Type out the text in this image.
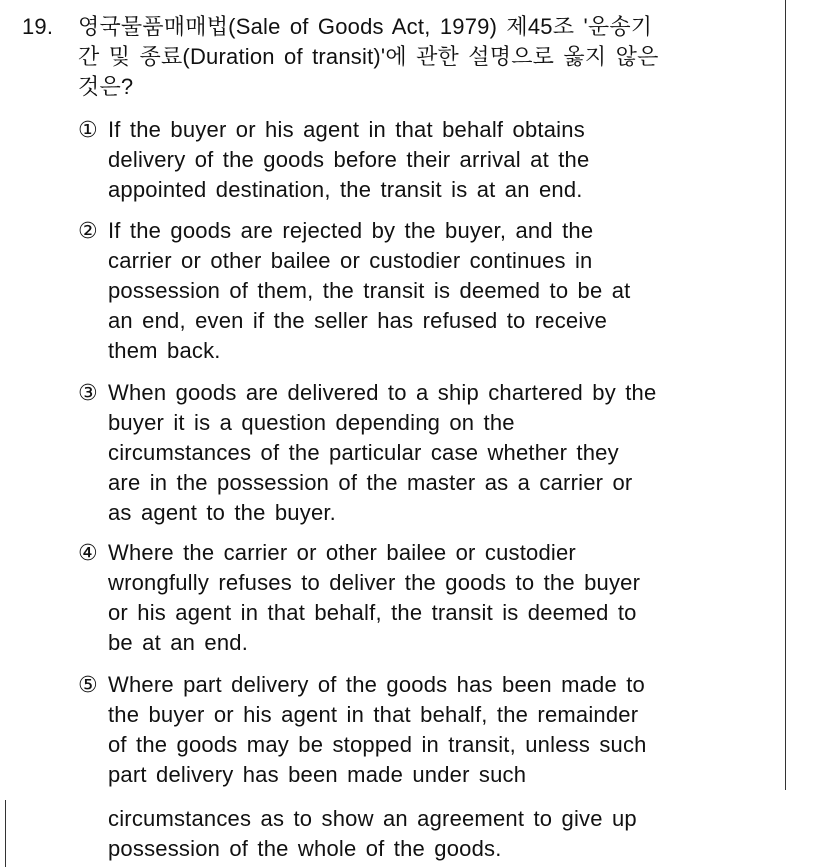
19. 영국물품매매법(Sale of Goods Act, 1979) 제45조 '운송기
간 및 종료(Duration of transit)'에 관한 설명으로 옳지 않은
것은?
① If the buyer or his agent in that behalf obtains
delivery of the goods before their arrival at the
appointed destination, the transit is at an end.
② If the goods are rejected by the buyer, and the
carrier or other bailee or custodier continues in
possession of them, the transit is deemed to be at
an end, even if the seller has refused to receive
them back.
③ When goods are delivered to a ship chartered by the
buyer it is a question depending on the
circumstances of the particular case whether they
are in the possession of the master as a carrier or
as agent to the buyer.
④ Where the carrier or other bailee or custodier
wrongfully refuses to deliver the goods to the buyer
or his agent in that behalf, the transit is deemed to
be at an end.
⑤ Where part delivery of the goods has been made to
the buyer or his agent in that behalf, the remainder
of the goods may be stopped in transit, unless such
part delivery has been made under such
circumstances as to show an agreement to give up
possession of the whole of the goods.
